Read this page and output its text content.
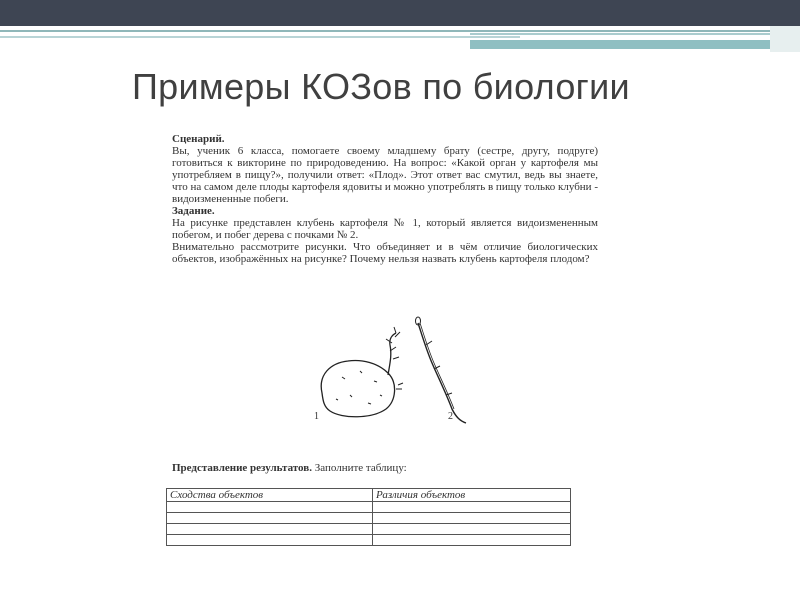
Примеры КОЗов по биологии
Сценарий.

Вы, ученик 6 класса, помогаете своему младшему брату (сестре, другу, подруге) готовиться к викторине по природоведению. На вопрос: «Какой орган у картофеля мы употребляем в пищу?», получили ответ: «Плод». Этот ответ вас смутил, ведь вы знаете, что на самом деле плоды картофеля ядовиты и можно употреблять в пищу только клубни - видоизмененные побеги.

Задание.

На рисунке представлен клубень картофеля № 1, который является видоизмененным побегом, и побег дерева с почками № 2.

Внимательно рассмотрите рисунки. Что объединяет и в чём отличие биологических объектов, изображённых на рисунке? Почему нельзя назвать клубень картофеля плодом?

1	2
Представление результатов. Заполните таблицу:
Сходства объектов	Различия объектов
